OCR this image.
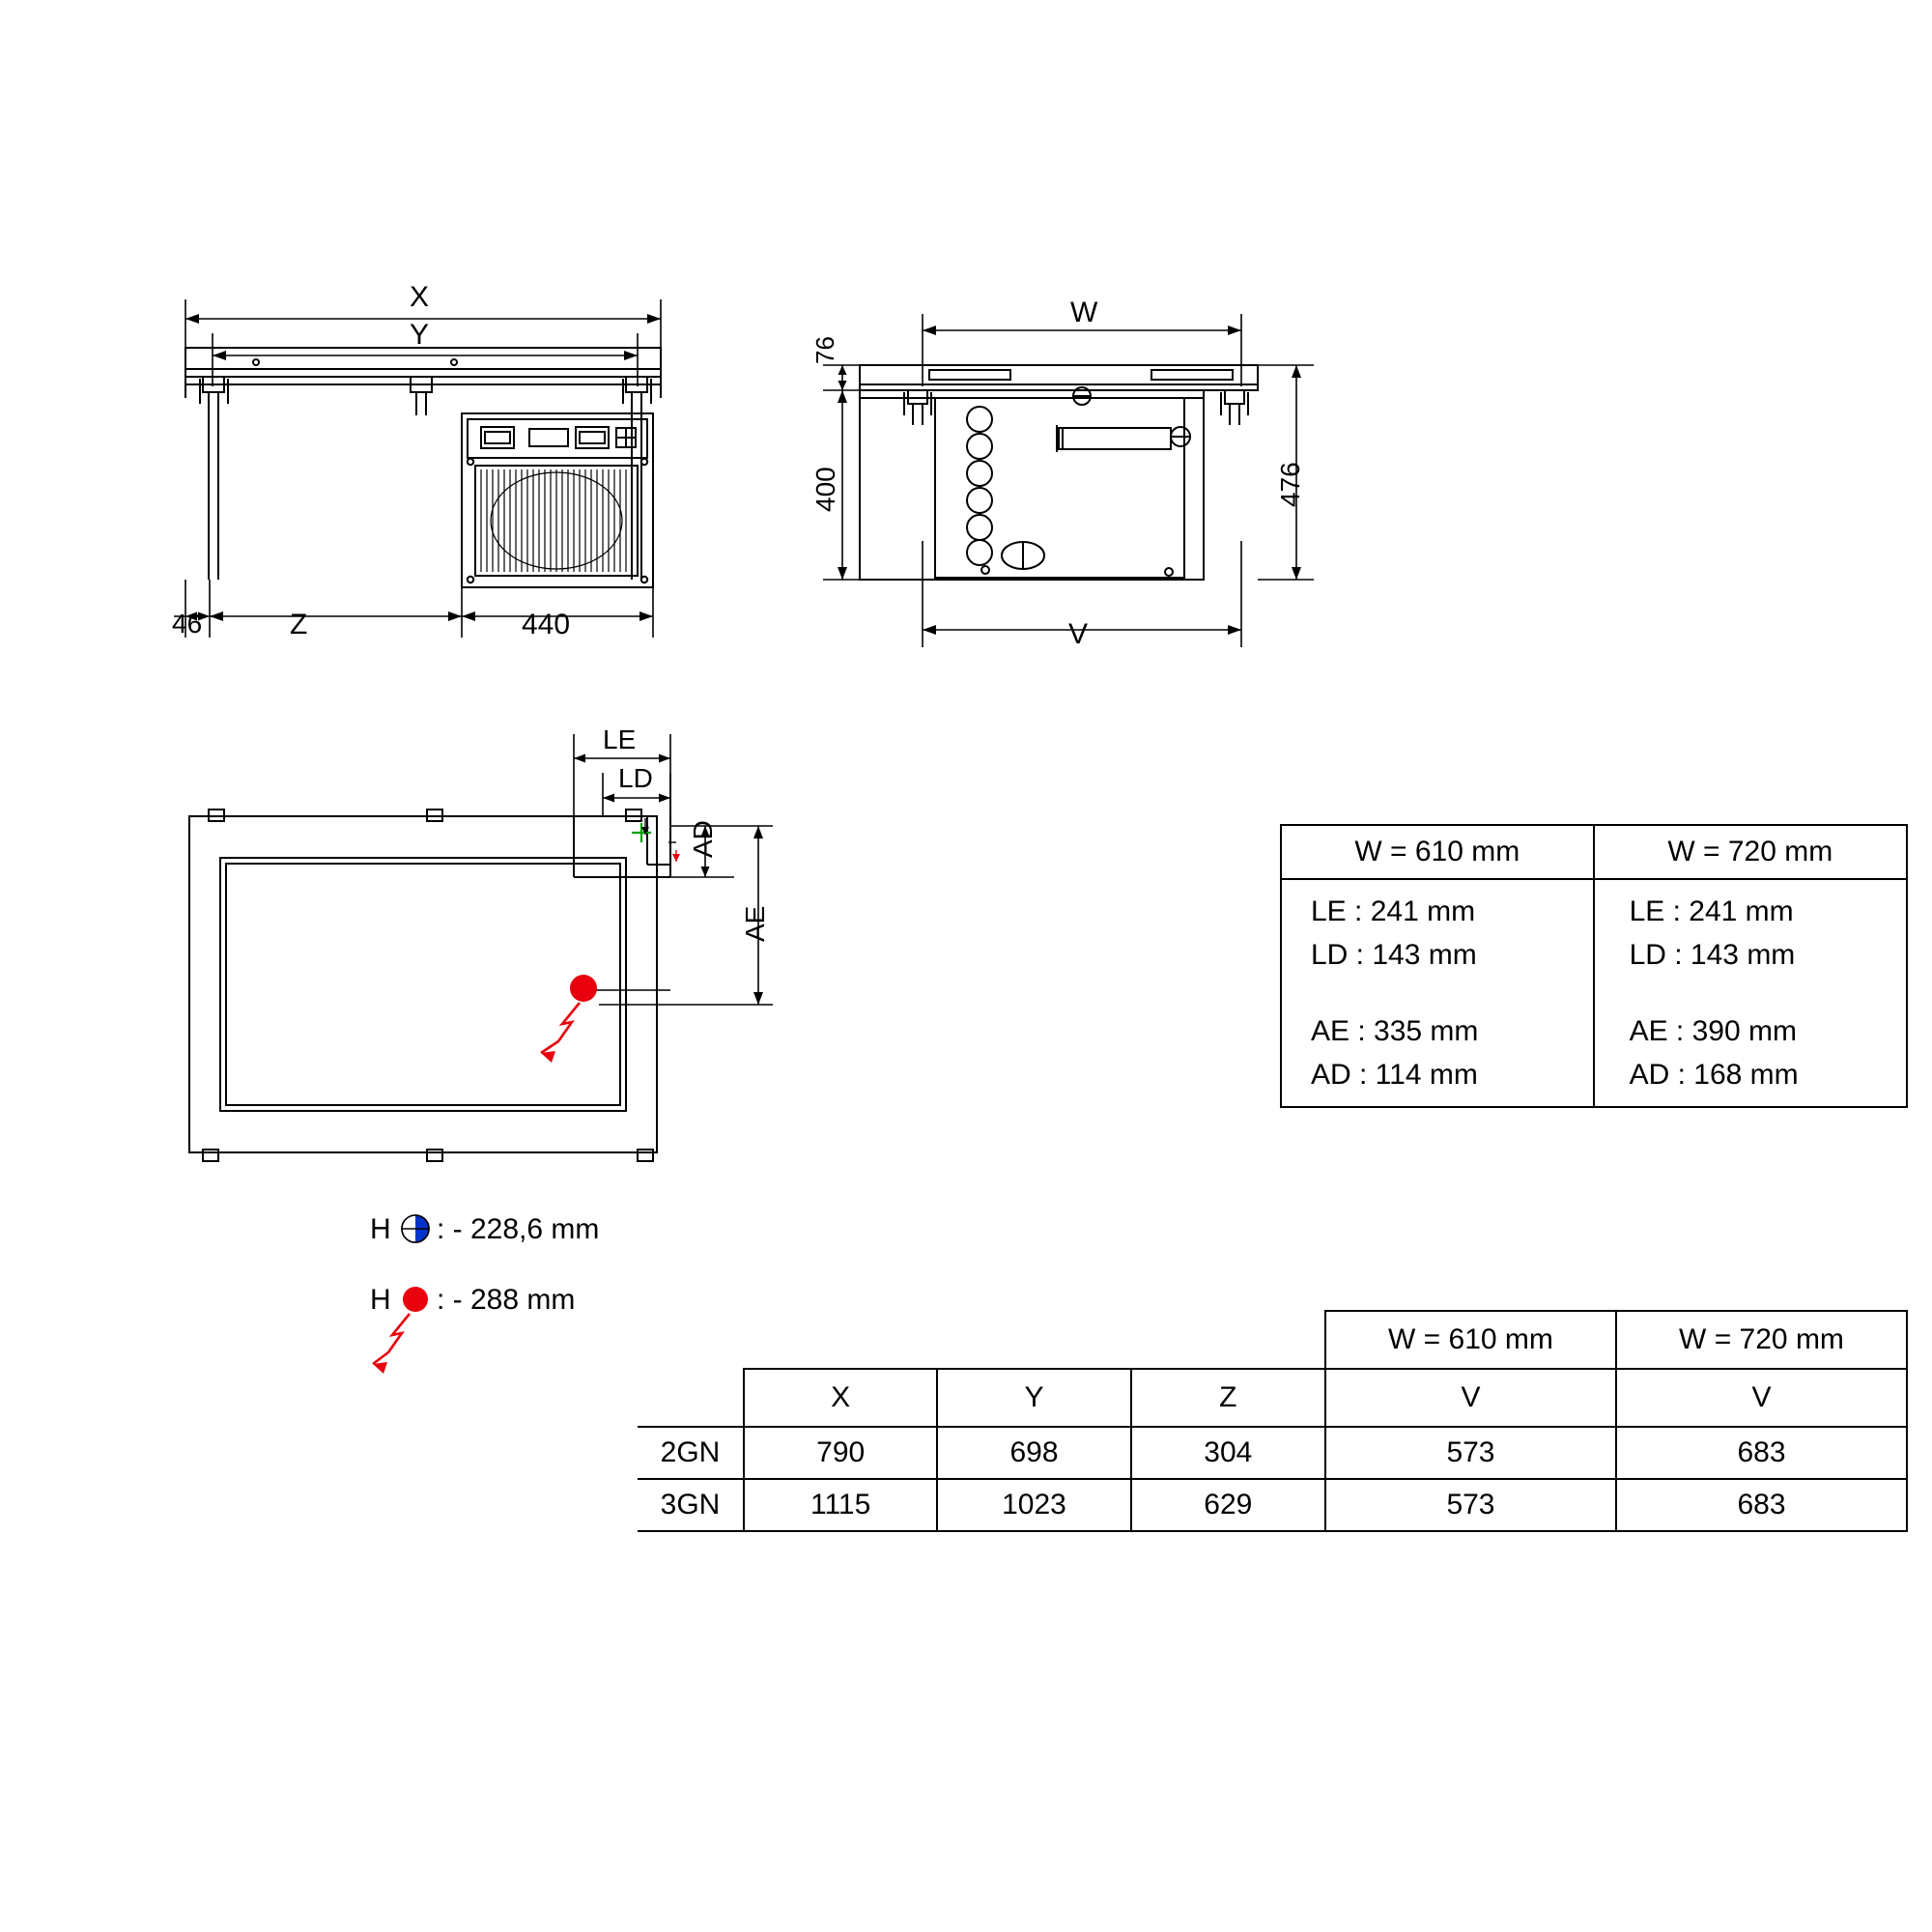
X
Y
46	Z	440
W
V
76
400	476
LE
LD
AD
AE
H : - 228,6 mm
H : - 288 mm
W = 610 mm	W = 720 mm

LE : 241 mm
LD : 143 mm
AE : 335 mm
AD : 114 mm

LE : 241 mm
LD : 143 mm
AE : 390 mm
AD : 168 mm
				W = 610 mm	W = 720 mm
	X	Y	Z	V	V
2GN	790	698	304	573	683
3GN	1115	1023	629	573	683
